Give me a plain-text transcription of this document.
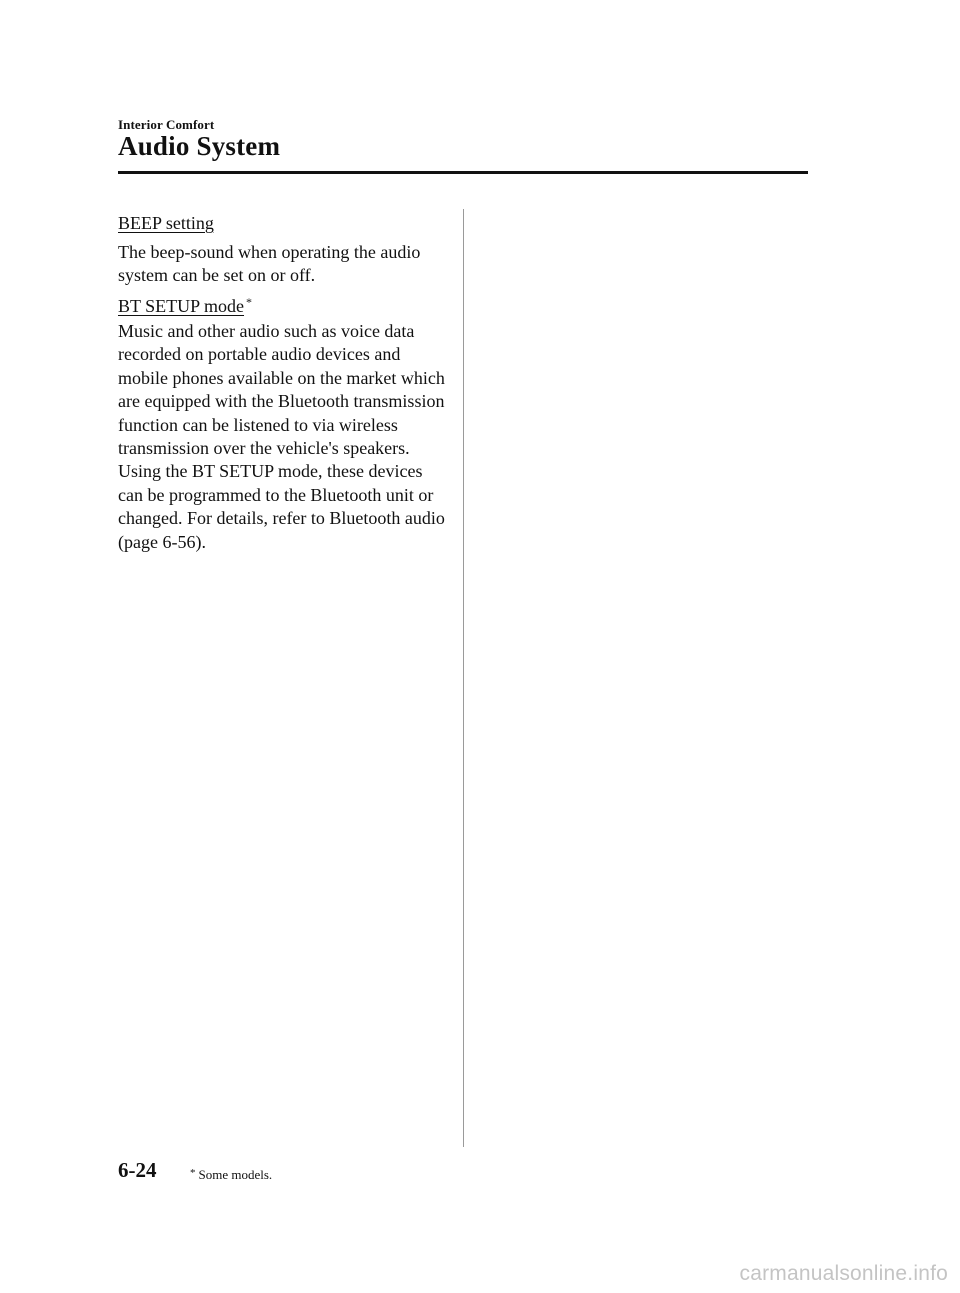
Interior Comfort
Audio System
BEEP setting

The beep-sound when operating the audio system can be set on or off.

BT SETUP mode *

Music and other audio such as voice data recorded on portable audio devices and mobile phones available on the market which are equipped with the Bluetooth transmission function can be listened to via wireless transmission over the vehicle's speakers. Using the BT SETUP mode, these devices can be programmed to the Bluetooth unit or changed. For details, refer to Bluetooth audio (page 6-56).

6-24	* Some models.
carmanualsonline.info
